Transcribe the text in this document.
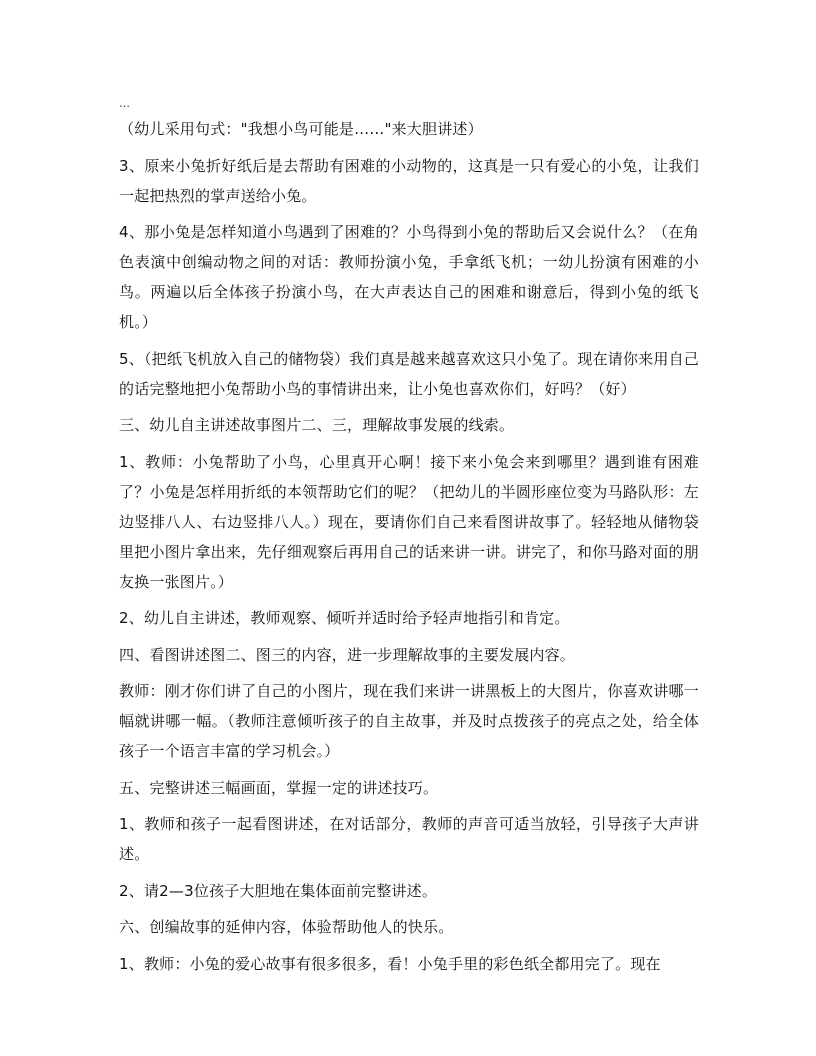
…

（幼儿采用句式："我想小鸟可能是……"来大胆讲述）

3、原来小兔折好纸后是去帮助有困难的小动物的，这真是一只有爱心的小兔，让我们一起把热烈的掌声送给小兔。

4、那小兔是怎样知道小鸟遇到了困难的？小鸟得到小兔的帮助后又会说什么？（在角色表演中创编动物之间的对话：教师扮演小兔，手拿纸飞机；一幼儿扮演有困难的小鸟。两遍以后全体孩子扮演小鸟，在大声表达自己的困难和谢意后，得到小兔的纸飞机。）

5、（把纸飞机放入自己的储物袋）我们真是越来越喜欢这只小兔了。现在请你来用自己的话完整地把小兔帮助小鸟的事情讲出来，让小兔也喜欢你们，好吗？（好）

三、幼儿自主讲述故事图片二、三，理解故事发展的线索。

1、教师：小兔帮助了小鸟，心里真开心啊！接下来小兔会来到哪里？遇到谁有困难了？小兔是怎样用折纸的本领帮助它们的呢？（把幼儿的半圆形座位变为马路队形：左边竖排八人、右边竖排八人。）现在，要请你们自己来看图讲故事了。轻轻地从储物袋里把小图片拿出来，先仔细观察后再用自己的话来讲一讲。讲完了，和你马路对面的朋友换一张图片。）

2、幼儿自主讲述，教师观察、倾听并适时给予轻声地指引和肯定。

四、看图讲述图二、图三的内容，进一步理解故事的主要发展内容。

教师：刚才你们讲了自己的小图片，现在我们来讲一讲黑板上的大图片，你喜欢讲哪一幅就讲哪一幅。（教师注意倾听孩子的自主故事，并及时点拨孩子的亮点之处，给全体孩子一个语言丰富的学习机会。）

五、完整讲述三幅画面，掌握一定的讲述技巧。

1、教师和孩子一起看图讲述，在对话部分，教师的声音可适当放轻，引导孩子大声讲述。

2、请2—3位孩子大胆地在集体面前完整讲述。

六、创编故事的延伸内容，体验帮助他人的快乐。

1、教师：小兔的爱心故事有很多很多，看！小兔手里的彩色纸全都用完了。现在
